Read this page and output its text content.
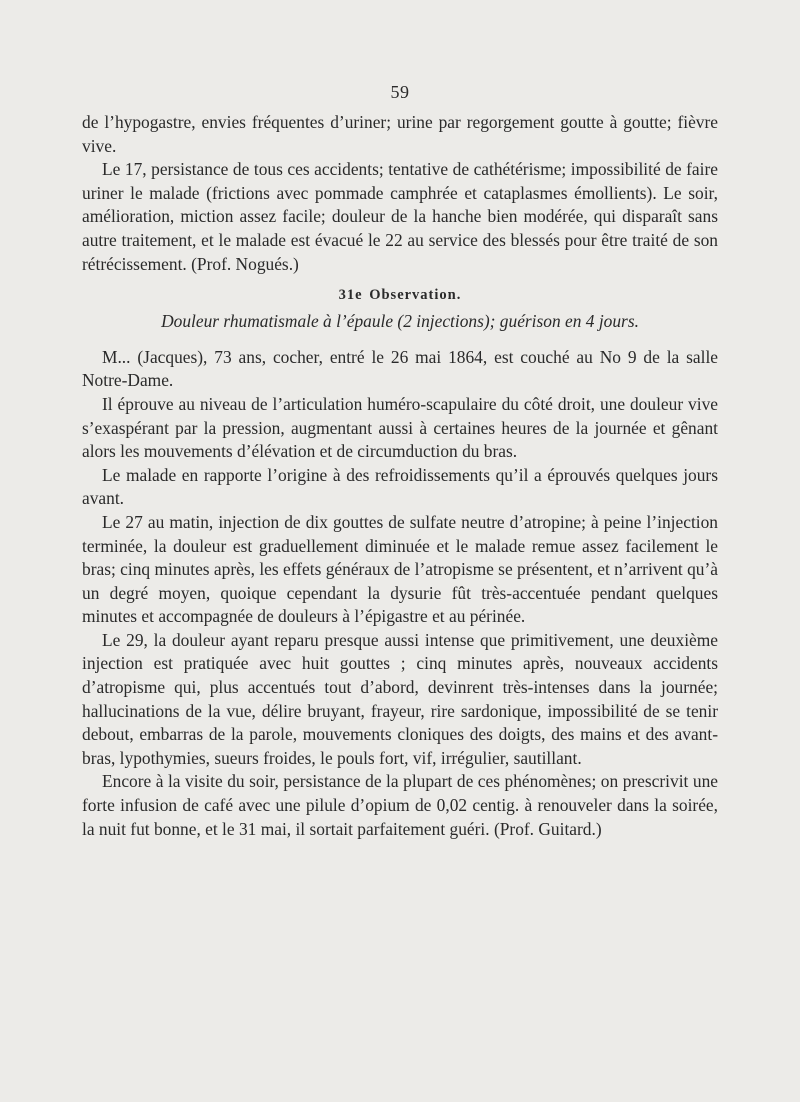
59

de l’hypogastre, envies fréquentes d’uriner; urine par regorgement goutte à goutte; fièvre vive.

Le 17, persistance de tous ces accidents; tentative de cathétérisme; impossibilité de faire uriner le malade (frictions avec pommade camphrée et cataplasmes émollients). Le soir, amélioration, miction assez facile; douleur de la hanche bien modérée, qui disparaît sans autre traitement, et le malade est évacué le 22 au service des blessés pour être traité de son rétrécissement. (Prof. Nogués.)

31e Observation.
Douleur rhumatismale à l’épaule (2 injections); guérison en 4 jours.

M... (Jacques), 73 ans, cocher, entré le 26 mai 1864, est couché au No 9 de la salle Notre-Dame.

Il éprouve au niveau de l’articulation huméro-scapulaire du côté droit, une douleur vive s’exaspérant par la pression, augmentant aussi à certaines heures de la journée et gênant alors les mouvements d’élévation et de circumduction du bras.

Le malade en rapporte l’origine à des refroidissements qu’il a éprouvés quelques jours avant.

Le 27 au matin, injection de dix gouttes de sulfate neutre d’atropine; à peine l’injection terminée, la douleur est graduellement diminuée et le malade remue assez facilement le bras; cinq minutes après, les effets généraux de l’atropisme se présentent, et n’arrivent qu’à un degré moyen, quoique cependant la dysurie fût très-accentuée pendant quelques minutes et accompagnée de douleurs à l’épigastre et au périnée.

Le 29, la douleur ayant reparu presque aussi intense que primitivement, une deuxième injection est pratiquée avec huit gouttes ; cinq minutes après, nouveaux accidents d’atropisme qui, plus accentués tout d’abord, devinrent très-intenses dans la journée; hallucinations de la vue, délire bruyant, frayeur, rire sardonique, impossibilité de se tenir debout, embarras de la parole, mouvements cloniques des doigts, des mains et des avant-bras, lypothymies, sueurs froides, le pouls fort, vif, irrégulier, sautillant.

Encore à la visite du soir, persistance de la plupart de ces phénomènes; on prescrivit une forte infusion de café avec une pilule d’opium de 0,02 centig. à renouveler dans la soirée, la nuit fut bonne, et le 31 mai, il sortait parfaitement guéri. (Prof. Guitard.)
